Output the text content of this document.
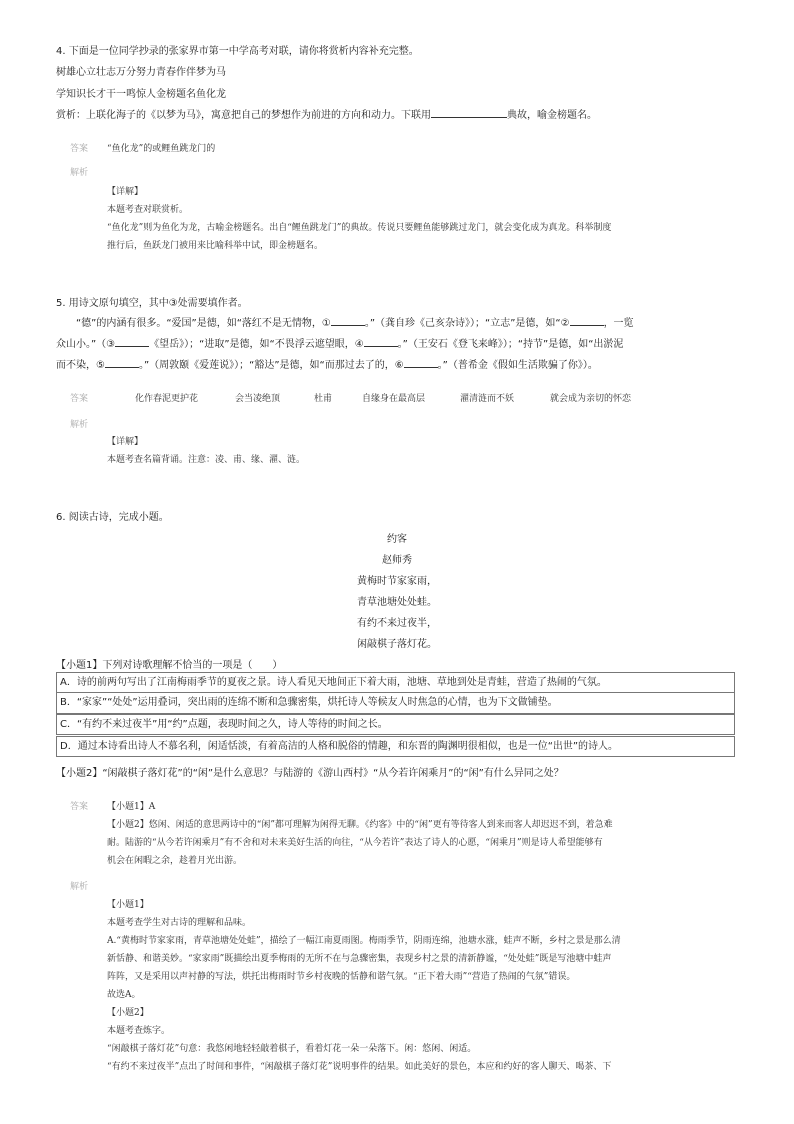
4. 下面是一位同学抄录的张家界市第一中学高考对联，请你将赏析内容补充完整。
树雄心立壮志万分努力青春作伴梦为马
学知识长才干一鸣惊人金榜题名鱼化龙
赏析：上联化海子的《以梦为马》，寓意把自己的梦想作为前进的方向和动力。下联用	典故，喻金榜题名。
答案 “鱼化龙”的或鲤鱼跳龙门的
解析
【详解】
本题考查对联赏析。
“鱼化龙”则为鱼化为龙，古喻金榜题名。出自“鲤鱼跳龙门”的典故。传说只要鲤鱼能够跳过龙门，就会变化成为真龙。科举制度
推行后，鱼跃龙门被用来比喻科举中试，即金榜题名。
5. 用诗文原句填空，其中③处需要填作者。
“德”的内涵有很多。“爱国”是德，如“落红不是无情物，①	。”（龚自珍《己亥杂诗》）；“立志”是德，如“②	，一览
众山小。”（③	《望岳》）；“进取”是德，如“不畏浮云遮望眼，④	。”（王安石《登飞来峰》）；“持节”是德，如“出淤泥
而不染，⑤	。”（周敦颐《爱莲说》）；“豁达”是德，如“而那过去了的，⑥	。”（普希金《假如生活欺骗了你》）。
答案	化作春泥更护花	会当凌绝顶	杜甫	自缘身在最高层	濯清涟而不妖	就会成为亲切的怀恋
解析
【详解】
本题考查名篇背诵。注意：凌、甫、缘、濯、涟。
6. 阅读古诗，完成小题。
约客
赵师秀
黄梅时节家家雨，
青草池塘处处蛙。
有约不来过夜半，
闲敲棋子落灯花。
【小题1】下列对诗歌理解不恰当的一项是（　　）
A．诗的前两句写出了江南梅雨季节的夏夜之景。诗人看见天地间正下着大雨，池塘、草地到处是青蛙，营造了热闹的气氛。
B．“家家”“处处”运用叠词，突出雨的连绵不断和急骤密集，烘托诗人等候友人时焦急的心情，也为下文做铺垫。
C．“有约不来过夜半”用“约”点题，表现时间之久，诗人等待的时间之长。
D．通过本诗看出诗人不慕名利，闲适恬淡，有着高洁的人格和脱俗的情趣，和东晋的陶渊明很相似，也是一位“出世”的诗人。
【小题2】“闲敲棋子落灯花”的“闲”是什么意思？与陆游的《游山西村》“从今若许闲乘月”的“闲”有什么异同之处？
答案 【小题1】A
【小题2】悠闲、闲适的意思两诗中的“闲”都可理解为闲得无聊。《约客》中的“闲”更有等待客人到来而客人却迟迟不到，着急难
耐。陆游的“从今若许闲乘月”有不舍和对未来美好生活的向往，“从今若许”表达了诗人的心愿，“闲乘月”则是诗人希望能够有
机会在闲暇之余，趁着月光出游。
解析
【小题1】
本题考查学生对古诗的理解和品味。
A.“黄梅时节家家雨，青草池塘处处蛙”，描绘了一幅江南夏雨图。梅雨季节，阴雨连绵，池塘水涨，蛙声不断，乡村之景是那么清
新恬静、和谐美妙。“家家雨”既描绘出夏季梅雨的无所不在与急骤密集，表现乡村之景的清新静谧，“处处蛙”既是写池塘中蛙声
阵阵，又是采用以声衬静的写法，烘托出梅雨时节乡村夜晚的恬静和谐气氛。“正下着大雨”“营造了热闹的气氛”错误。
故选A。
【小题2】
本题考查炼字。
“闲敲棋子落灯花”句意：我悠闲地轻轻敲着棋子，看着灯花一朵一朵落下。闲：悠闲、闲适。
“有约不来过夜半”点出了时间和事件，“闲敲棋子落灯花”说明事件的结果。如此美好的景色，本应和约好的客人聊天、喝茶、下
